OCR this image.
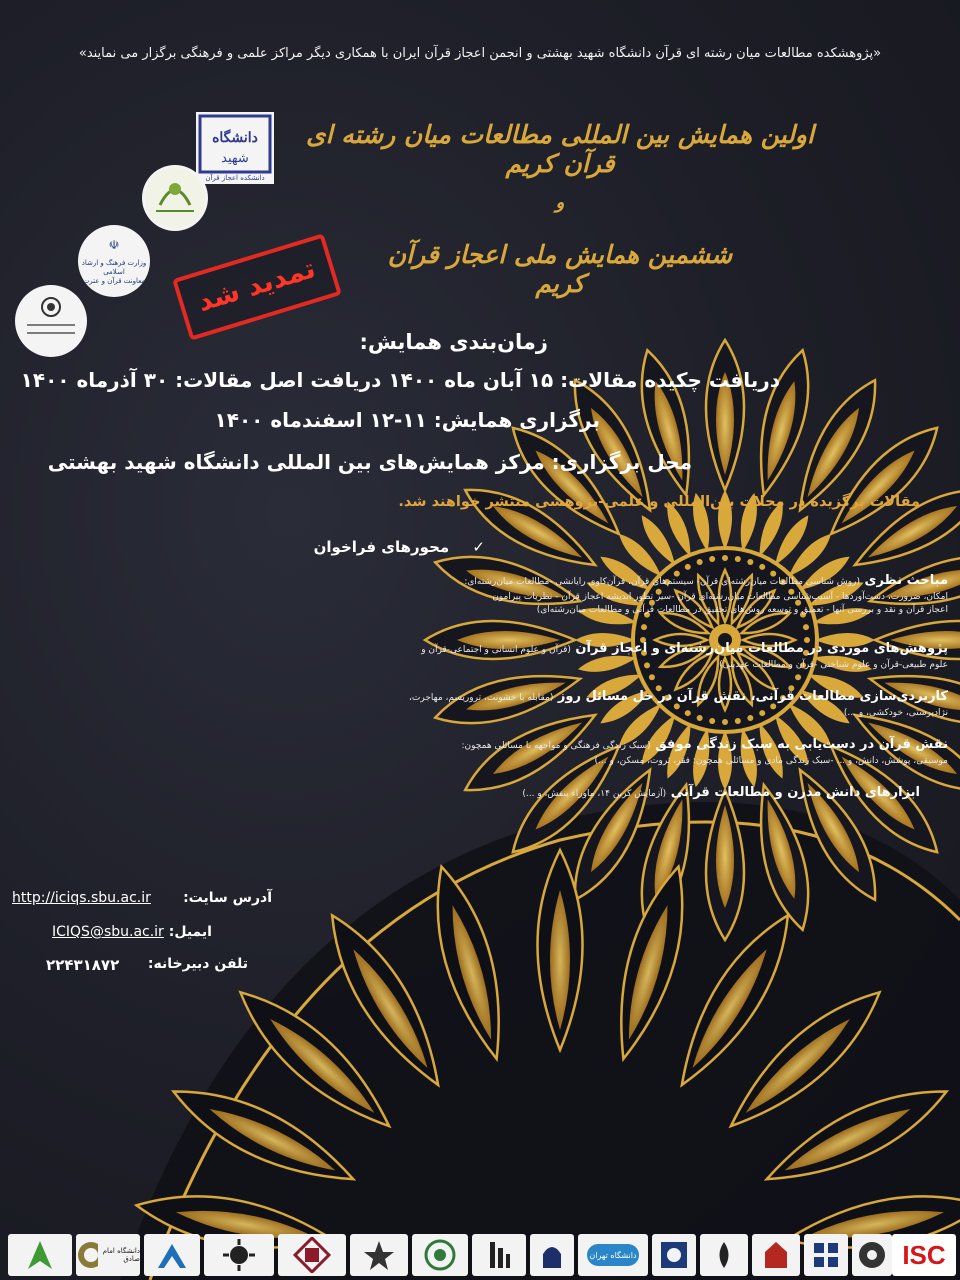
«پژوهشکده مطالعات میان رشته ای قرآن دانشگاه شهید بهشتی و انجمن اعجاز قرآن ایران با همکاری دیگر مراکز علمی و فرهنگی برگزار می نمایند»
دانشگاه
شهید
دانشکده اعجاز قرآن
☫
وزارت فرهنگ و ارشاد اسلامی
معاونت قرآن و عترت
اولین همایش بین المللی مطالعات میان رشته ای قرآن کریم
و
ششمین همایش ملی اعجاز قرآن کریم
تمدید شد
زمان‌بندی همایش:
دریافت چکیده مقالات: ۱۵ آبان ماه ۱۴۰۰ دریافت اصل مقالات: ۳۰ آذرماه ۱۴۰۰
برگزاری همایش: ۱۱-۱۲ اسفندماه ۱۴۰۰
محل برگزاری: مرکز همایش‌های بین المللی دانشگاه شهید بهشتی
مقالات برگزیده در مجلات بین‌المللی و علمی-پژوهشی منتشر خواهند شد.
✓ محورهای فراخوان
مباحث نظری (روش شناسی مطالعات میان‌رشته‌ای قرآن- سیستم‌های قرآن، قرآن‌کاوی رایانشی -مطالعات میان‌رشته‌ای:
امکان، ضرورت، دست‌آوردها - آسیب‌شناسی مطالعات میان‌رشته‌ای قرآن -سیر تطور اندیشه اعجاز قرآن - نظریات پیرامون
اعجاز قرآن و نقد و بررسی آنها - تعمیق و توسعه روش‌های تحقیق در مطالعات قرآنی و مطالعات میان‌رشته‌ای)
پژوهش‌های موردی در مطالعات میان‌رشته‌ای و اعجاز قرآن (قرآن و علوم انسانی و اجتماعی-قرآن و
علوم طبیعی-قرآن و علوم شناختی -قرآن و مطالعات عهدینی)
کاربردی‌سازی مطالعات قرآنی، نقش قرآن در حل مسائل روز (مقابله با خشونت، تروریسم، مهاجرت،
نژادپرستی، خودکشی، و ...)
نقش قرآن در دست‌یابی به سبک زندگی موفق (سبک زندگی فرهنگی و مواجهه با مسائلی همچون:
موسیقی، پوشش، دانش، و ... -سبک زندگی مادی و مسائلی همچون: فقر، ثروت، مسکن، و ...)
ابزارهای دانش مدرن و مطالعات قرآنی (آزمایش کربن ۱۴، ماوراء بنفش، و ...)
آدرس سایت:
http://iciqs.sbu.ac.ir
ایمیل:
ICIQS@sbu.ac.ir
تلفن دبیرخانه:
۲۲۴۳۱۸۷۲
دانشگاه امام صادق	دانشگاه تهران	ISC
